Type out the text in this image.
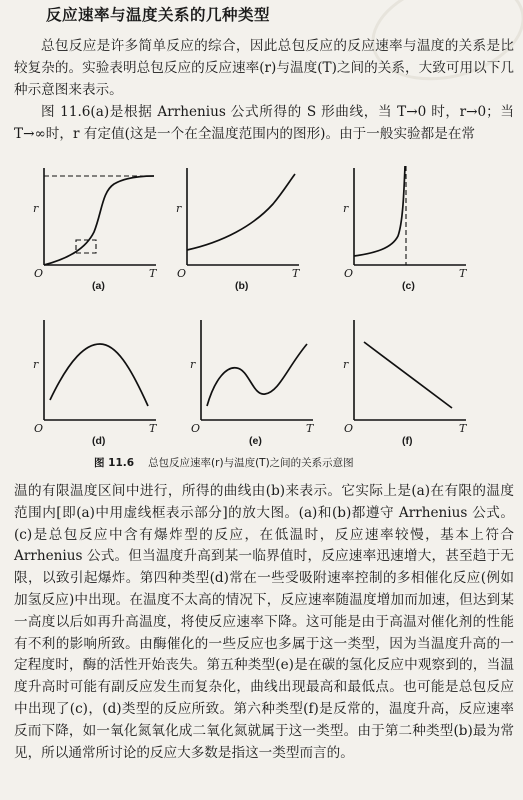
反应速率与温度关系的几种类型

总包反应是许多简单反应的综合，因此总包反应的反应速率与温度的关系是比较复杂的。实验表明总包反应的反应速率(r)与温度(T)之间的关系，大致可用以下几种示意图来表示。

图 11.6(a)是根据 Arrhenius 公式所得的 S 形曲线，当 T→0 时，r→0；当 T→∞时，r 有定值(这是一个在全温度范围内的图形)。由于一般实验都是在常

r
O	T
(a)
r
O	T
(b)
r
O	T
(c)
r
O	T
(d)
r
O	T
(e)
r
O	T
(f)
图 11.6 总包反应速率(r)与温度(T)之间的关系示意图

温的有限温度区间中进行，所得的曲线由(b)来表示。它实际上是(a)在有限的温度范围内[即(a)中用虚线框表示部分]的放大图。(a)和(b)都遵守 Arrhenius 公式。(c)是总包反应中含有爆炸型的反应，在低温时，反应速率较慢，基本上符合 Arrhenius 公式。但当温度升高到某一临界值时，反应速率迅速增大，甚至趋于无限，以致引起爆炸。第四种类型(d)常在一些受吸附速率控制的多相催化反应(例如加氢反应)中出现。在温度不太高的情况下，反应速率随温度增加而加速，但达到某一高度以后如再升高温度，将使反应速率下降。这可能是由于高温对催化剂的性能有不利的影响所致。由酶催化的一些反应也多属于这一类型，因为当温度升高的一定程度时，酶的活性开始丧失。第五种类型(e)是在碳的氢化反应中观察到的，当温度升高时可能有副反应发生而复杂化，曲线出现最高和最低点。也可能是总包反应中出现了(c)，(d)类型的反应所致。第六种类型(f)是反常的，温度升高，反应速率反而下降，如一氧化氮氧化成二氧化氮就属于这一类型。由于第二种类型(b)最为常见，所以通常所讨论的反应大多数是指这一类型而言的。
